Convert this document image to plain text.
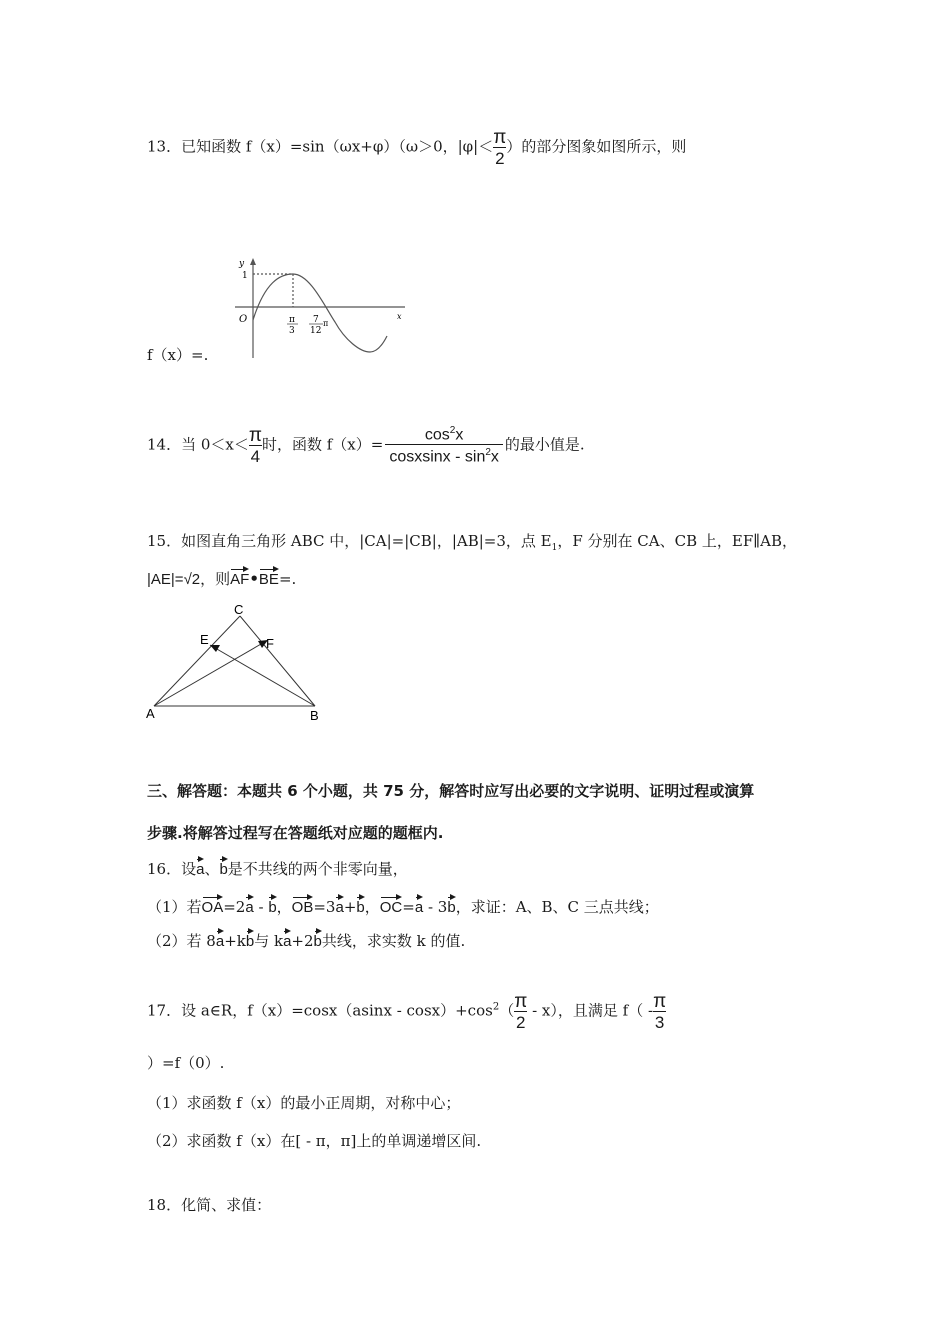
13．已知函数 f（x）=sin（ωx+φ）（ω＞0，$|\varphi|< \frac{\pi}{2}$ ）的部分图象如图所示，则
y
1
O	x
π
3
7
12
π
f（x）=.
14．当 $0<x< \frac{\pi}{4}$ 时，函数 $f(x)= \frac{\cos^2x}{cosxsinx - \sin^2x}$ 的最小值是.
15．如图直角三角形 ABC 中，|CA|=|CB|，|AB|=3，点 $E_1$，F 分别在 CA、CB 上，EF∥AB，
|AE|=√2，则AF•BE=.
A	B
C
E	F
三、解答题：本题共 6 个小题，共 75 分，解答时应写出必要的文字说明、证明过程或演算
步骤.将解答过程写在答题纸对应题的题框内.
16．设a、b是不共线的两个非零向量，
（1）若OA=2a - b，OB=3a+b，OC=a - 3b，求证：A、B、C 三点共线；
（2）若 8a+kb与 ka+2b共线，求实数 k 的值.
17．设 a∈R，$f(x)=\cos x(asinx - \cos x)+\cos^2( \frac{\pi}{2} - x)$，且满足 $f( - \frac{\pi}{3}$
）=f（0）.
（1）求函数 f（x）的最小正周期，对称中心；
（2）求函数 f（x）在[ - π，π]上的单调递增区间.
18．化简、求值：
